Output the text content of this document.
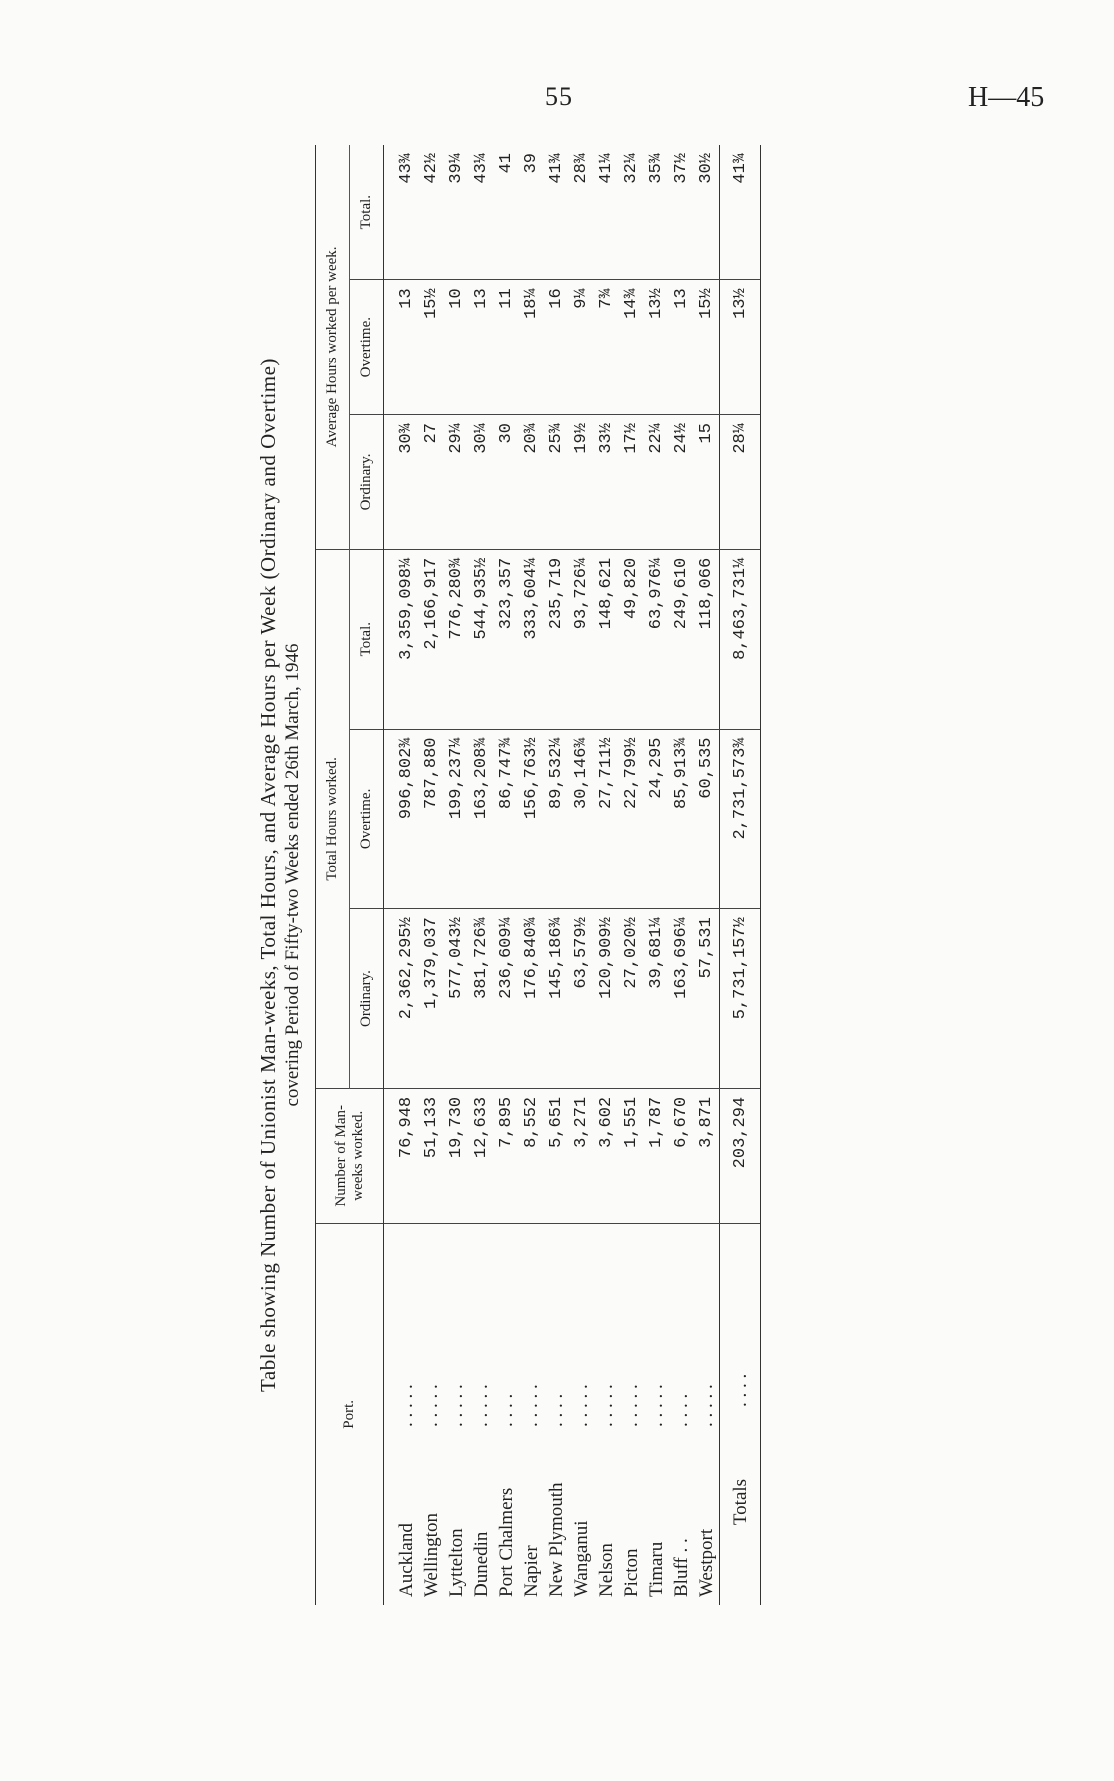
55	H—45
Table showing Number of Unionist Man-weeks, Total Hours, and Average Hours per Week (Ordinary and Overtime) covering Period of Fifty-two Weeks ended 26th March, 1946
Port.	Number of Man-weeks worked.	Total Hours worked.			Average Hours worked per week.		
		Ordinary.	Overtime.	Total.	Ordinary.	Overtime.	Total.
Auckland. . . . .	76,948	2,362,295½	996,802¾	3,359,098¼	30¾	13	43¾
Wellington. . . . .	51,133	1,379,037	787,880	2,166,917	27	15½	42½
Lyttelton. . . . .	19,730	577,043½	199,237¼	776,280¾	29¼	10	39¼
Dunedin. . . . .	12,633	381,726¾	163,208¾	544,935½	30¼	13	43¼
Port Chalmers. . . .	7,895	236,609¼	86,747¾	323,357	30	11	41
Napier. . . . .	8,552	176,840¾	156,763½	333,604¼	20¾	18¼	39
New Plymouth. . . .	5,651	145,186¾	89,532¼	235,719	25¾	16	41¾
Wanganui. . . . .	3,271	63,579½	30,146¾	93,726¼	19½	9¼	28¾
Nelson. . . . .	3,602	120,909½	27,711½	148,621	33½	7¾	41¼
Picton. . . . .	1,551	27,020½	22,799½	49,820	17½	14¾	32¼
Timaru. . . . .	1,787	39,681¼	24,295	63,976¼	22¼	13½	35¾
Bluff . .. . . .	6,670	163,696¼	85,913¾	249,610	24½	13	37½
Westport. . . . .	3,871	57,531	60,535	118,066	15	15½	30½
Totals. . . .	203,294	5,731,157½	2,731,573¾	8,463,731¼	28¼	13½	41¾
